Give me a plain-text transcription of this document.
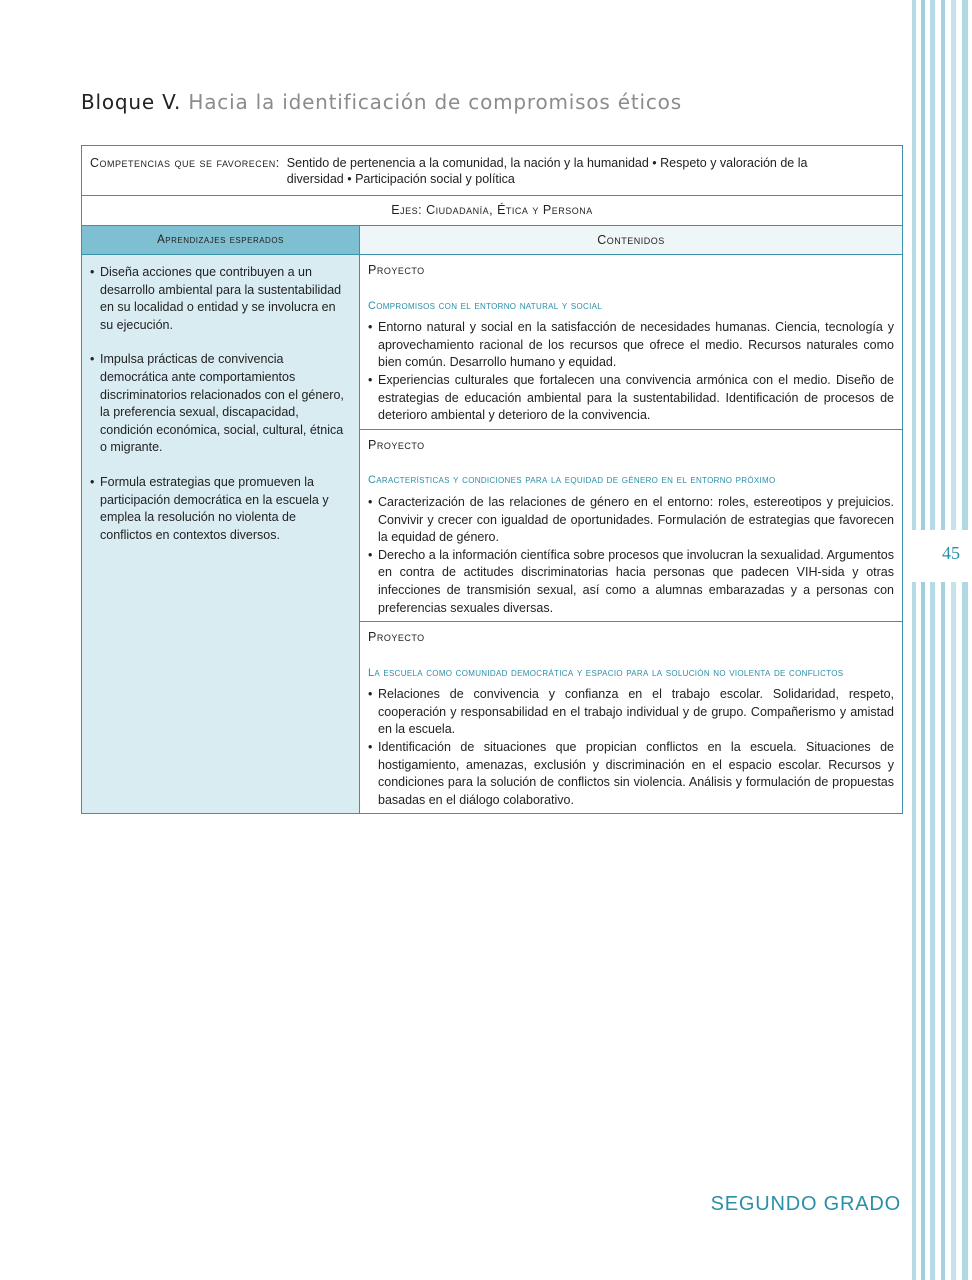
45
Bloque V. Hacia la identificación de compromisos éticos
Competencias que se favorecen: Sentido de pertenencia a la comunidad, la nación y la humanidad • Respeto y valoración de la diversidad • Participación social y política
Ejes: Ciudadanía, Ética y Persona
Aprendizajes esperados	Contenidos
• Diseña acciones que contribuyen a un desarrollo ambiental para la sustentabilidad en su localidad o entidad y se involucra en su ejecución.
• Impulsa prácticas de convivencia democrática ante comportamientos discriminatorios relacionados con el género, la preferencia sexual, discapacidad, condición económica, social, cultural, étnica o migrante.
• Formula estrategias que promueven la participación democrática en la escuela y emplea la resolución no violenta de conflictos en contextos diversos.
Proyecto
Compromisos con el entorno natural y social
• Entorno natural y social en la satisfacción de necesidades humanas. Ciencia, tecnología y aprovechamiento racional de los recursos que ofrece el medio. Recursos naturales como bien común. Desarrollo humano y equidad.
• Experiencias culturales que fortalecen una convivencia armónica con el medio. Diseño de estrategias de educación ambiental para la sustentabilidad. Identificación de procesos de deterioro ambiental y deterioro de la convivencia.
Proyecto
Características y condiciones para la equidad de género en el entorno próximo
• Caracterización de las relaciones de género en el entorno: roles, estereotipos y prejuicios. Convivir y crecer con igualdad de oportunidades. Formulación de estrategias que favorecen la equidad de género.
• Derecho a la información científica sobre procesos que involucran la sexualidad. Argumentos en contra de actitudes discriminatorias hacia personas que padecen VIH-sida y otras infecciones de transmisión sexual, así como a alumnas embarazadas y a personas con preferencias sexuales diversas.
Proyecto
La escuela como comunidad democrática y espacio para la solución no violenta de conflictos
• Relaciones de convivencia y confianza en el trabajo escolar. Solidaridad, respeto, cooperación y responsabilidad en el trabajo individual y de grupo. Compañerismo y amistad en la escuela.
• Identificación de situaciones que propician conflictos en la escuela. Situaciones de hostigamiento, amenazas, exclusión y discriminación en el espacio escolar. Recursos y condiciones para la solución de conflictos sin violencia. Análisis y formulación de propuestas basadas en el diálogo colaborativo.
SEGUNDO GRADO
